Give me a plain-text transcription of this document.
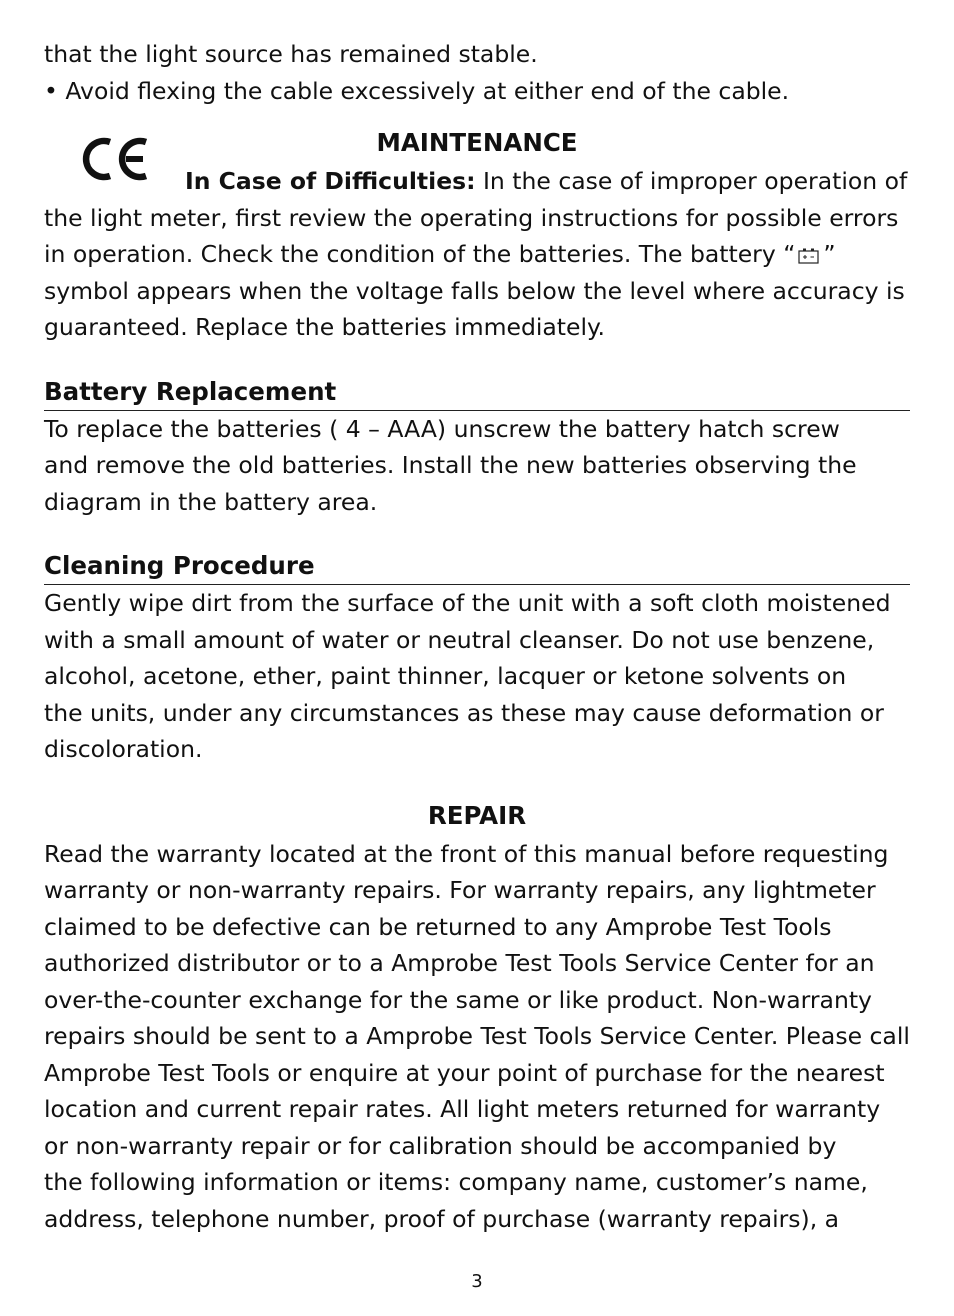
that the light source has remained stable.

• Avoid flexing the cable excessively at either end of the cable.

MAINTENANCE

In Case of Difficulties: In the case of improper operation of

the light meter, first review the operating instructions for possible errors

in operation. Check the condition of the batteries. The battery “ ”

symbol appears when the voltage falls below the level where accuracy is

guaranteed. Replace the batteries immediately.

Battery Replacement

To replace the batteries ( 4 – AAA) unscrew the battery hatch screw

and remove the old batteries. Install the new batteries observing the

diagram in the battery area.

Cleaning Procedure

Gently wipe dirt from the surface of the unit with a soft cloth moistened

with a small amount of water or neutral cleanser. Do not use benzene,

alcohol, acetone, ether, paint thinner, lacquer or ketone solvents on

the units, under any circumstances as these may cause deformation or

discoloration.

REPAIR

Read the warranty located at the front of this manual before requesting

warranty or non-warranty repairs. For warranty repairs, any lightmeter

claimed to be defective can be returned to any Amprobe Test Tools

authorized distributor or to a Amprobe Test Tools Service Center for an

over-the-counter exchange for the same or like product. Non-warranty

repairs should be sent to a Amprobe Test Tools Service Center. Please call

Amprobe Test Tools or enquire at your point of purchase for the nearest

location and current repair rates. All light meters returned for warranty

or non-warranty repair or for calibration should be accompanied by

the following information or items: company name, customer’s name,

address, telephone number, proof of purchase (warranty repairs), a

3
